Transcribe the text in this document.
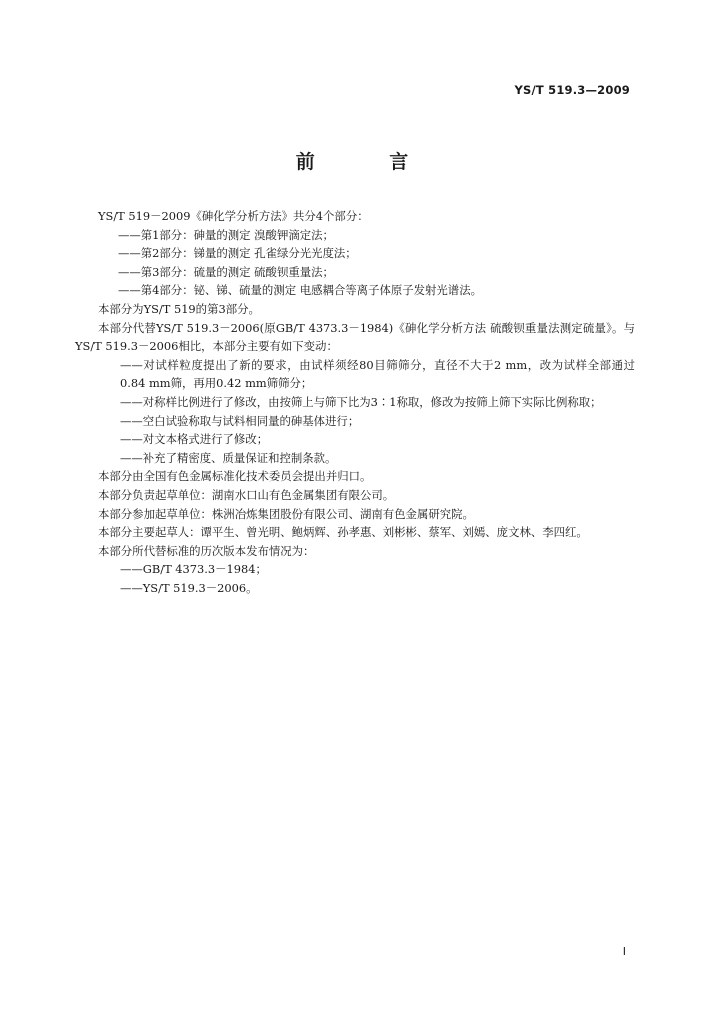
YS/T 519.3—2009
前 言

YS/T 519－2009《砷化学分析方法》共分4个部分：

——第1部分：砷量的测定 溴酸钾滴定法；

——第2部分：锑量的测定 孔雀绿分光光度法；

——第3部分：硫量的测定 硫酸钡重量法；

——第4部分：铋、锑、硫量的测定 电感耦合等离子体原子发射光谱法。

本部分为YS/T 519的第3部分。

本部分代替YS/T 519.3－2006(原GB/T 4373.3－1984)《砷化学分析方法 硫酸钡重量法测定硫量》。与YS/T 519.3－2006相比，本部分主要有如下变动：

——对试样粒度提出了新的要求，由试样须经80目筛筛分，直径不大于2 mm，改为试样全部通过0.84 mm筛，再用0.42 mm筛筛分；

——对称样比例进行了修改，由按筛上与筛下比为3∶1称取，修改为按筛上筛下实际比例称取；

——空白试验称取与试料相同量的砷基体进行；

——对文本格式进行了修改；

——补充了精密度、质量保证和控制条款。

本部分由全国有色金属标准化技术委员会提出并归口。

本部分负责起草单位：湖南水口山有色金属集团有限公司。

本部分参加起草单位：株洲冶炼集团股份有限公司、湖南有色金属研究院。

本部分主要起草人：谭平生、曾光明、鲍炳辉、孙孝惠、刘彬彬、蔡军、刘嫣、庞文林、李四红。

本部分所代替标准的历次版本发布情况为：

——GB/T 4373.3－1984；

——YS/T 519.3－2006。

I
